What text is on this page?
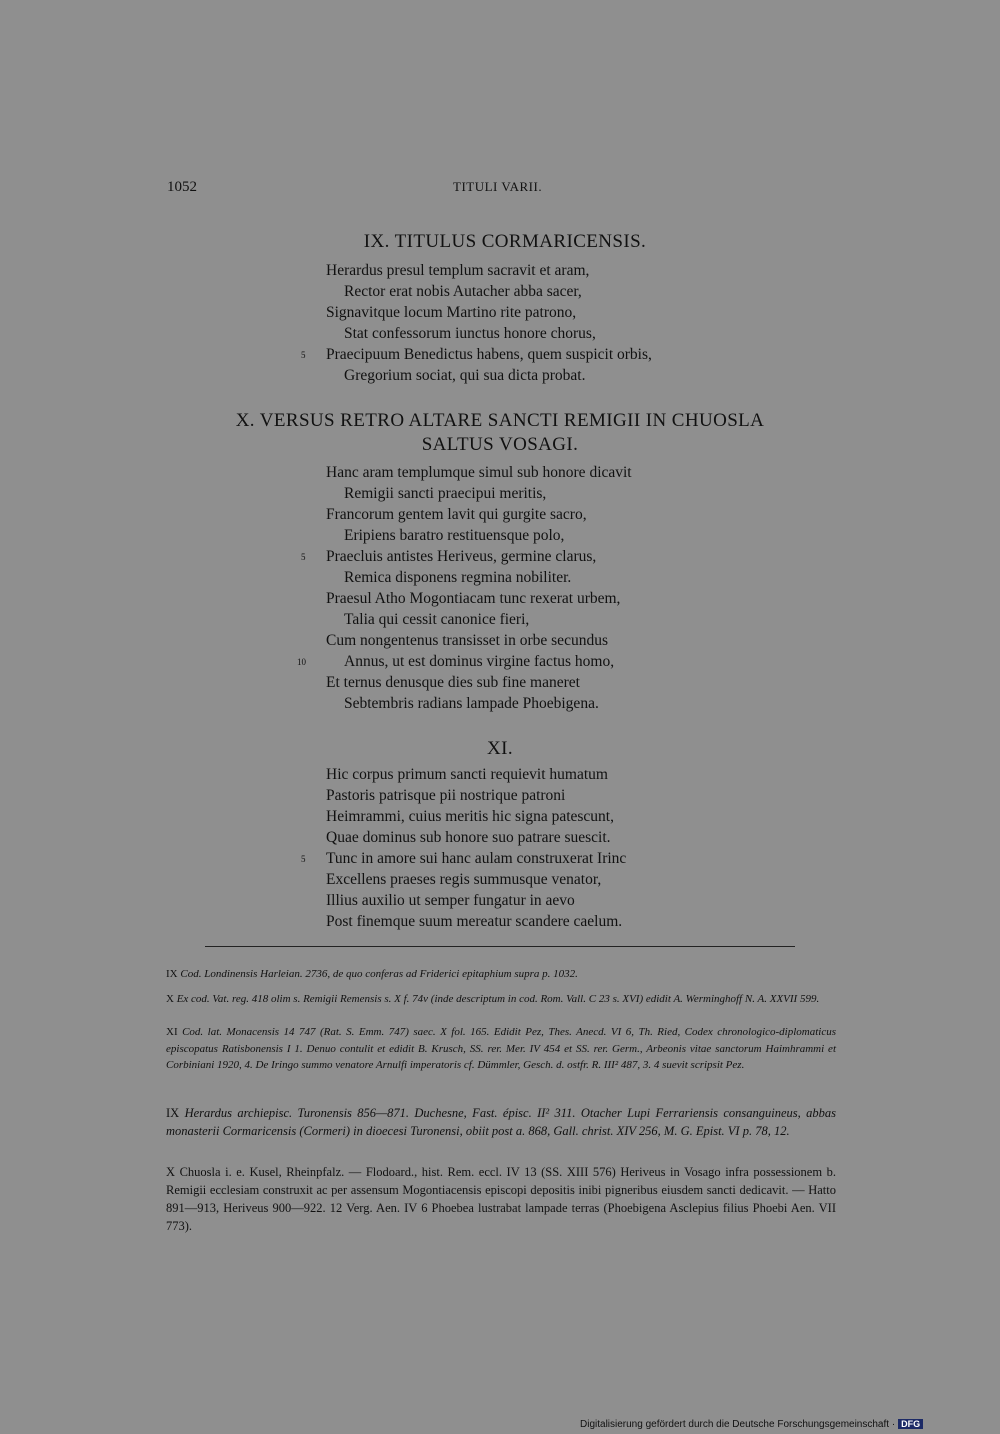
1052	TITULI VARII.
IX. TITULUS CORMARICENSIS.
Herardus presul templum sacravit et aram,
Rector erat nobis Autacher abba sacer,
Signavitque locum Martino rite patrono,
Stat confessorum iunctus honore chorus,
5 Praecipuum Benedictus habens, quem suspicit orbis,
Gregorium sociat, qui sua dicta probat.
X. VERSUS RETRO ALTARE SANCTI REMIGII IN CHUOSLA
SALTUS VOSAGI.
Hanc aram templumque simul sub honore dicavit
Remigii sancti praecipui meritis,
Francorum gentem lavit qui gurgite sacro,
Eripiens baratro restituensque polo,
5 Praecluis antistes Heriveus, germine clarus,
Remica disponens regmina nobiliter.
Praesul Atho Mogontiacam tunc rexerat urbem,
Talia qui cessit canonice fieri,
Cum nongentenus transisset in orbe secundus
10 Annus, ut est dominus virgine factus homo,
Et ternus denusque dies sub fine maneret
Sebtembris radians lampade Phoebigena.
XI.
Hic corpus primum sancti requievit humatum
Pastoris patrisque pii nostrique patroni
Heimrammi, cuius meritis hic signa patescunt,
Quae dominus sub honore suo patrare suescit.
5 Tunc in amore sui hanc aulam construxerat Irinc
Excellens praeses regis summusque venator,
Illius auxilio ut semper fungatur in aevo
Post finemque suum mereatur scandere caelum.
IX Cod. Londinensis Harleian. 2736, de quo conferas ad Friderici epitaphium supra p. 1032.
X Ex cod. Vat. reg. 418 olim s. Remigii Remensis s. X f. 74v (inde descriptum in cod. Rom. Vall. C 23 s. XVI) edidit A. Werminghoff N. A. XXVII 599.
XI Cod. lat. Monacensis 14 747 (Rat. S. Emm. 747) saec. X fol. 165. Edidit Pez, Thes. Anecd. VI 6, Th. Ried, Codex chronologico-diplomaticus episcopatus Ratisbonensis I 1. Denuo contulit et edidit B. Krusch, SS. rer. Mer. IV 454 et SS. rer. Germ., Arbeonis vitae sanctorum Haimhrammi et Corbiniani 1920, 4. De Iringo summo venatore Arnulfi imperatoris cf. Dümmler, Gesch. d. ostfr. R. III² 487, 3. 4 suevit scripsit Pez.
IX Herardus archiepisc. Turonensis 856—871. Duchesne, Fast. épisc. II² 311. Otacher Lupi Ferrariensis consanguineus, abbas monasterii Cormaricensis (Cormeri) in dioecesi Turonensi, obiit post a. 868, Gall. christ. XIV 256, M. G. Epist. VI p. 78, 12.
X Chuosla i. e. Kusel, Rheinpfalz. — Flodoard., hist. Rem. eccl. IV 13 (SS. XIII 576) Heriveus in Vosago infra possessionem b. Remigii ecclesiam construxit ac per assensum Mogontiacensis episcopi depositis inibi pigneribus eiusdem sancti dedicavit. — Hatto 891—913, Heriveus 900—922. 12 Verg. Aen. IV 6 Phoebea lustrabat lampade terras (Phoebigena Asclepius filius Phoebi Aen. VII 773).
Digitalisierung gefördert durch die Deutsche Forschungsgemeinschaft · DFG
